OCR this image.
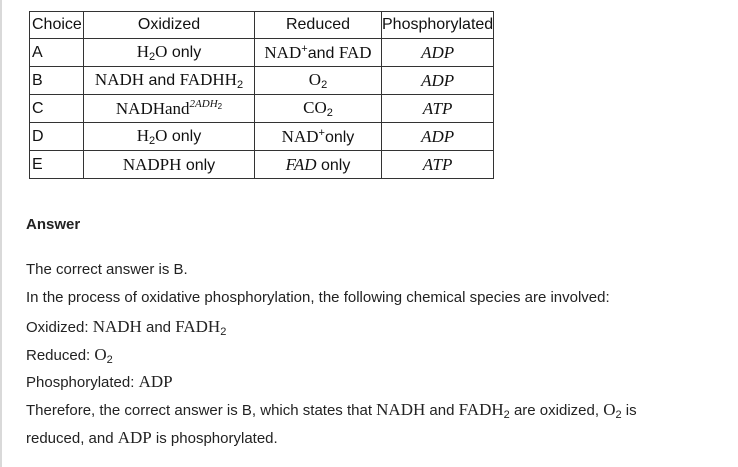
Choice	Oxidized	Reduced	Phosphorylated
A	$H_2O$ only	NAD+and FAD	ADP
B	NADH and $FADHH_2$	$O_2$	ADP
C	NADHand$^{2ADH2}$	$CO_2$	ATP
D	$H_2O$ only	NAD+only	ADP
E	NADPH only	FAD only	ATP
Answer
The correct answer is B.
In the process of oxidative phosphorylation, the following chemical species are involved:
Oxidized: NADH and $FADH_2$
Reduced: $O_2$
Phosphorylated: ADP
Therefore, the correct answer is B, which states that NADH and $FADH_2$ are oxidized, $O_2$ is
reduced, and ADP is phosphorylated.
